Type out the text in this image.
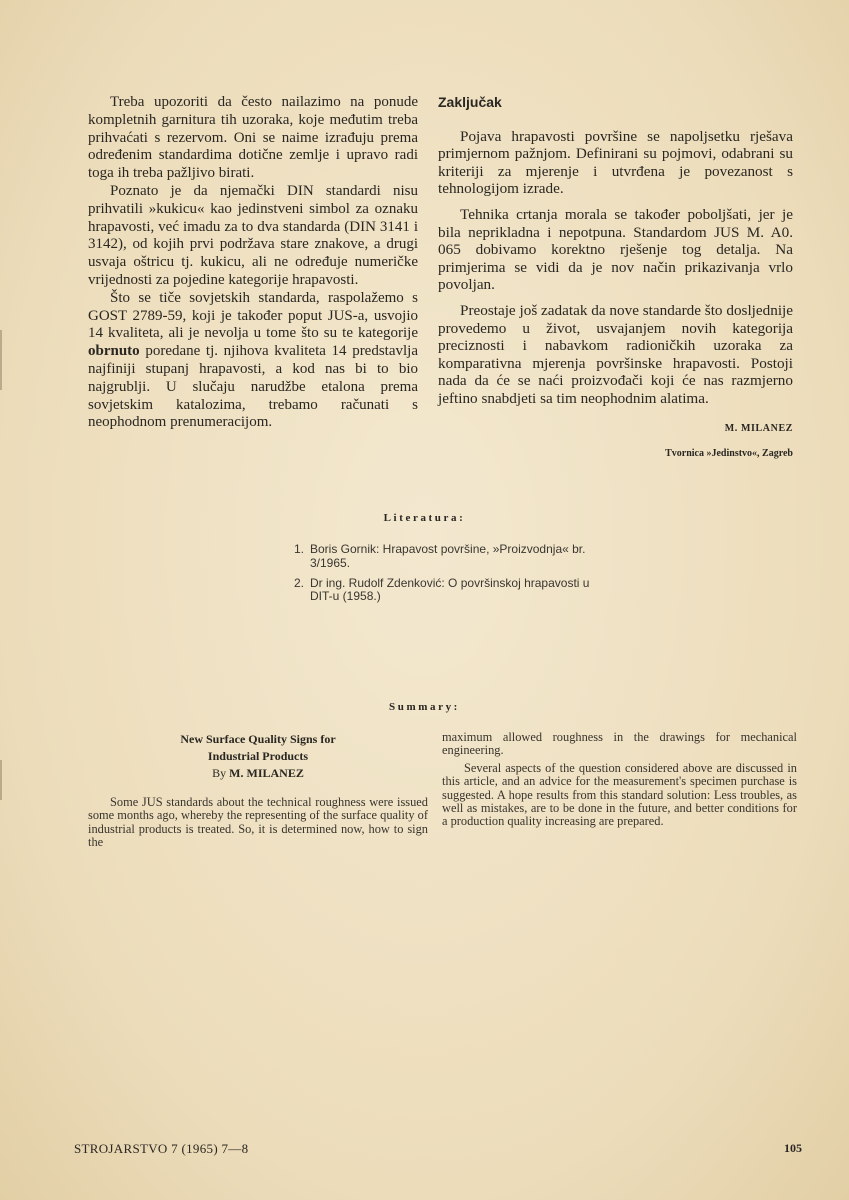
Treba upozoriti da često nailazimo na ponude kompletnih garnitura tih uzoraka, koje međutim treba prihvaćati s rezervom. Oni se naime izrađuju prema određenim standardima dotične zemlje i upravo radi toga ih treba pažljivo birati.

Poznato je da njemački DIN standardi nisu prihvatili »kukicu« kao jedinstveni simbol za oznaku hrapavosti, već imadu za to dva standarda (DIN 3141 i 3142), od kojih prvi podržava stare znakove, a drugi usvaja oštricu tj. kukicu, ali ne određuje numeričke vrijednosti za pojedine kategorije hrapavosti.

Što se tiče sovjetskih standarda, raspolažemo s GOST 2789-59, koji je također poput JUS-a, usvojio 14 kvaliteta, ali je nevolja u tome što su te kategorije obrnuto poredane tj. njihova kvaliteta 14 predstavlja najfiniji stupanj hrapavosti, a kod nas bi to bio najgrublji. U slučaju narudžbe etalona prema sovjetskim katalozima, trebamo računati s neophodnom prenumeracijom.

Zaključak

Pojava hrapavosti površine se napoljsetku rješava primjernom pažnjom. Definirani su pojmovi, odabrani su kriteriji za mjerenje i utvrđena je povezanost s tehnologijom izrade.

Tehnika crtanja morala se također poboljšati, jer je bila neprikladna i nepotpuna. Standardom JUS M. A0. 065 dobivamo korektno rješenje tog detalja. Na primjerima se vidi da je nov način prikazivanja vrlo povoljan.

Preostaje još zadatak da nove standarde što dosljednije provedemo u život, usvajanjem novih kategorija preciznosti i nabavkom radioničkih uzoraka za komparativna mjerenja površinske hrapavosti. Postoji nada da će se naći proizvođači koji će nas razmjerno jeftino snabdjeti sa tim neophodnim alatima.

M. MILANEZ

Tvornica »Jedinstvo«, Zagreb

Literatura:

1. Boris Gornik: Hrapavost površine, »Proizvodnja« br. 3/1965.
2. Dr ing. Rudolf Zdenković: O površinskoj hrapavosti u DIT-u (1958.)

Summary:

New Surface Quality Signs for

Industrial Products

By M. MILANEZ

Some JUS standards about the technical roughness were issued some months ago, whereby the representing of the surface quality of industrial products is treated. So, it is determined now, how to sign the

maximum allowed roughness in the drawings for mechanical engineering.

Several aspects of the question considered above are discussed in this article, and an advice for the measurement's specimen purchase is suggested. A hope results from this standard solution: Less troubles, as well as mistakes, are to be done in the future, and better conditions for a production quality increasing are prepared.

STROJARSTVO 7 (1965) 7—8	105
